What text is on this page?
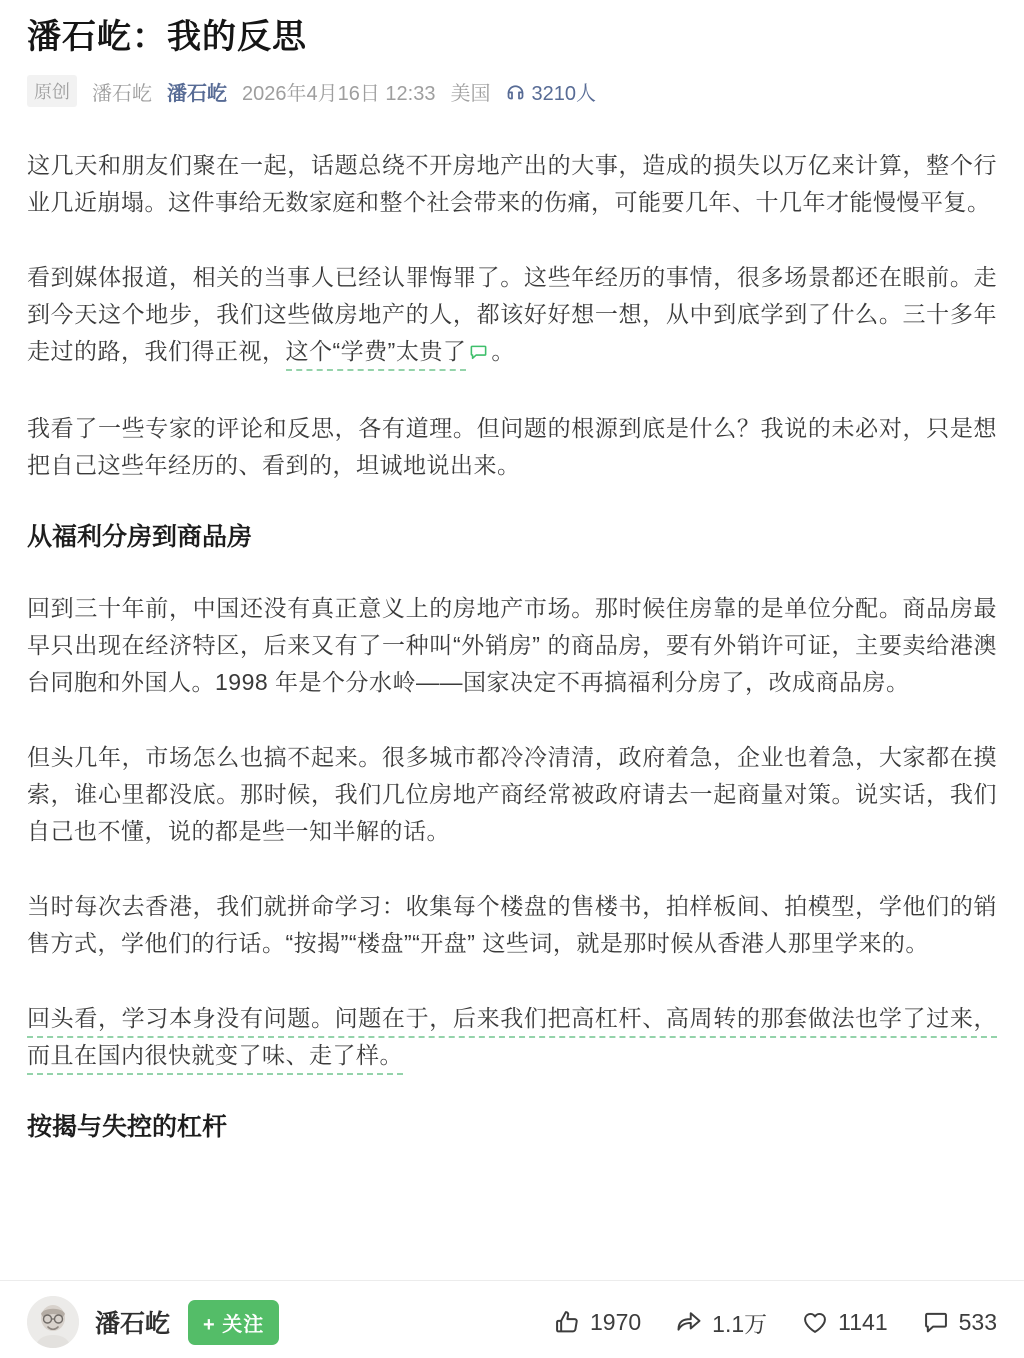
潘石屹：我的反思
原创	潘石屹 潘石屹 2026年4月16日 12:33 美国 3210人

这几天和朋友们聚在一起，话题总绕不开房地产出的大事，造成的损失以万亿来计算，整个行业几近崩塌。这件事给无数家庭和整个社会带来的伤痛，可能要几年、十几年才能慢慢平复。

看到媒体报道，相关的当事人已经认罪悔罪了。这些年经历的事情，很多场景都还在眼前。走到今天这个地步，我们这些做房地产的人，都该好好想一想，从中到底学到了什么。三十多年走过的路，我们得正视，这个“学费”太贵了 。

我看了一些专家的评论和反思，各有道理。但问题的根源到底是什么？我说的未必对，只是想把自己这些年经历的、看到的，坦诚地说出来。

从福利分房到商品房

回到三十年前，中国还没有真正意义上的房地产市场。那时候住房靠的是单位分配。商品房最早只出现在经济特区，后来又有了一种叫“外销房” 的商品房，要有外销许可证，主要卖给港澳台同胞和外国人。1998 年是个分水岭——国家决定不再搞福利分房了，改成商品房。

但头几年，市场怎么也搞不起来。很多城市都冷冷清清，政府着急，企业也着急，大家都在摸索，谁心里都没底。那时候，我们几位房地产商经常被政府请去一起商量对策。说实话，我们自己也不懂，说的都是些一知半解的话。

当时每次去香港，我们就拼命学习：收集每个楼盘的售楼书，拍样板间、拍模型，学他们的销售方式，学他们的行话。“按揭”“楼盘”“开盘” 这些词，就是那时候从香港人那里学来的。

回头看，学习本身没有问题。问题在于，后来我们把高杠杆、高周转的那套做法也学了过来，而且在国内很快就变了味、走了样。

按揭与失控的杠杆
潘石屹	+ 关注	1970	1.1万	1141	533
